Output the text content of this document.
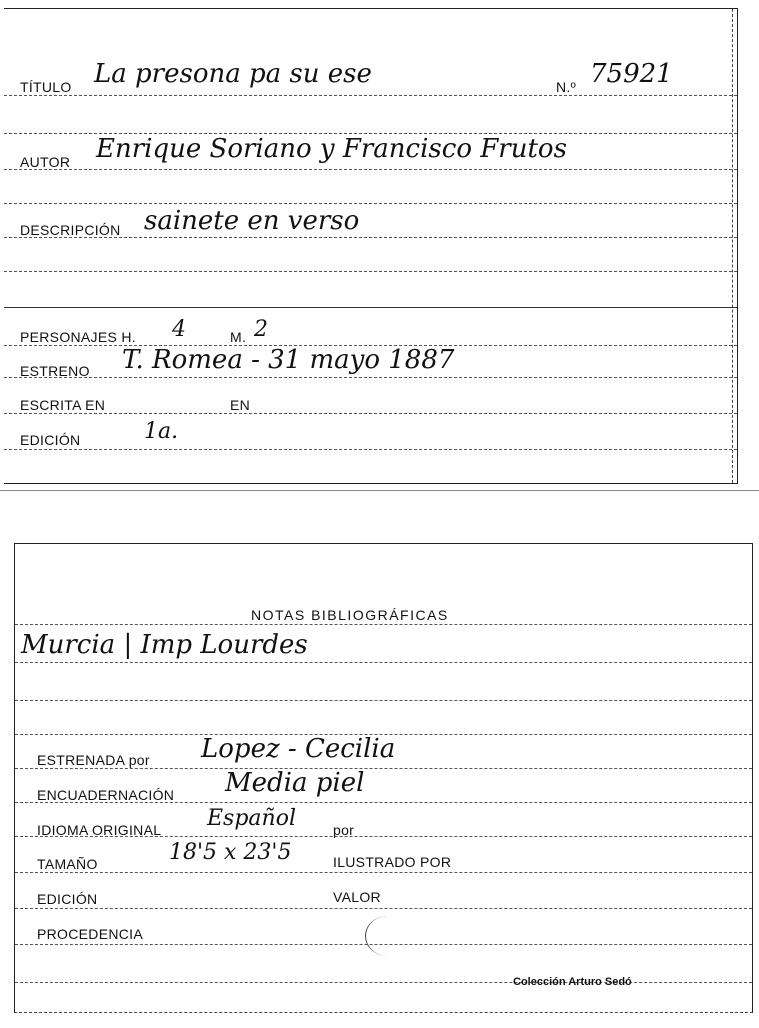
TÍTULO La presona pa su ese	N.º 75921
AUTOR Enrique Soriano y Francisco Frutos
DESCRIPCIÓN sainete en verso
PERSONAJES H. 4	M. 2
ESTRENO T. Romea - 31 mayo 1887
ESCRITA EN	EN
EDICIÓN	1a.
NOTAS BIBLIOGRÁFICAS
Murcia | Imp Lourdes
ESTRENADA por Lopez - Cecilia
ENCUADERNACIÓN Media piel
IDIOMA ORIGINAL Español	por
TAMAÑO	18'5 x 23'5	ILUSTRADO POR
EDICIÓN	VALOR
PROCEDENCIA
Colección Arturo Sedó
